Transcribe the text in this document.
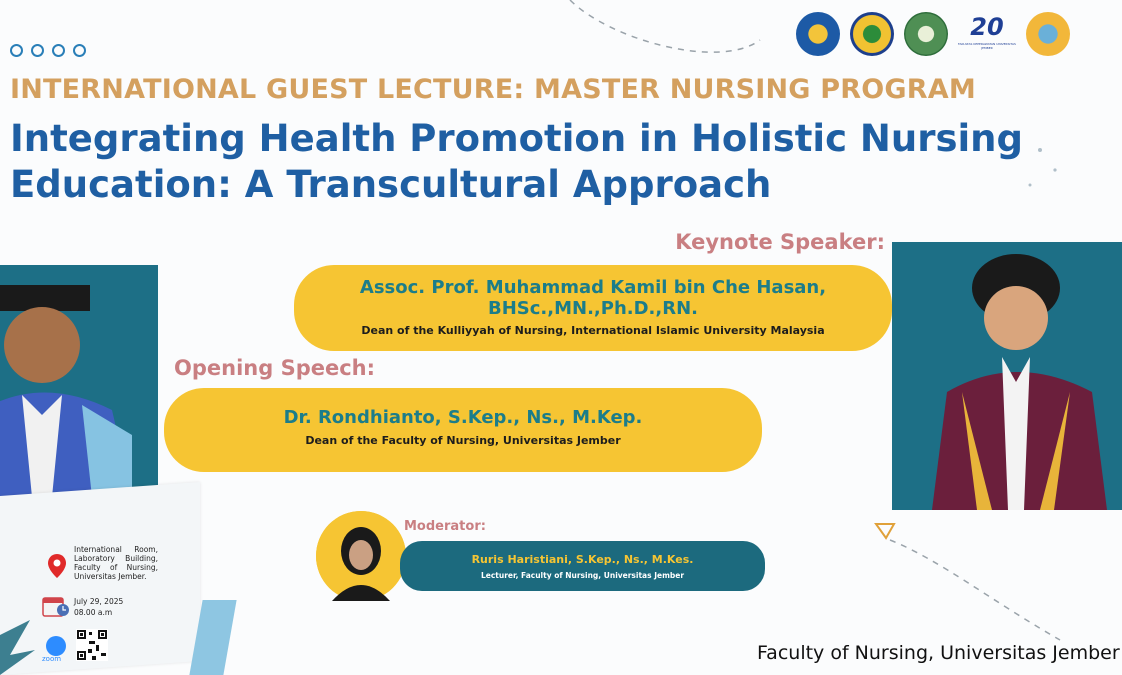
20
FAKULTAS KEPERAWATAN UNIVERSITAS JEMBER
INTERNATIONAL GUEST LECTURE: MASTER NURSING PROGRAM
Integrating Health Promotion in Holistic Nursing
Education: A Transcultural Approach
Keynote Speaker:
Assoc. Prof. Muhammad Kamil bin Che Hasan,
BHSc.,MN.,Ph.D.,RN.
Dean of the Kulliyyah of Nursing, International Islamic University Malaysia
Opening Speech:
Dr. Rondhianto, S.Kep., Ns., M.Kep.
Dean of the Faculty of Nursing, Universitas Jember
Moderator:
Ruris Haristiani, S.Kep., Ns., M.Kes.
Lecturer, Faculty of Nursing, Universitas Jember
International Room, Laboratory Building, Faculty of Nursing, Universitas Jember.
July 29, 2025
08.00 a.m
zoom	Faculty of Nursing, Universitas Jember
